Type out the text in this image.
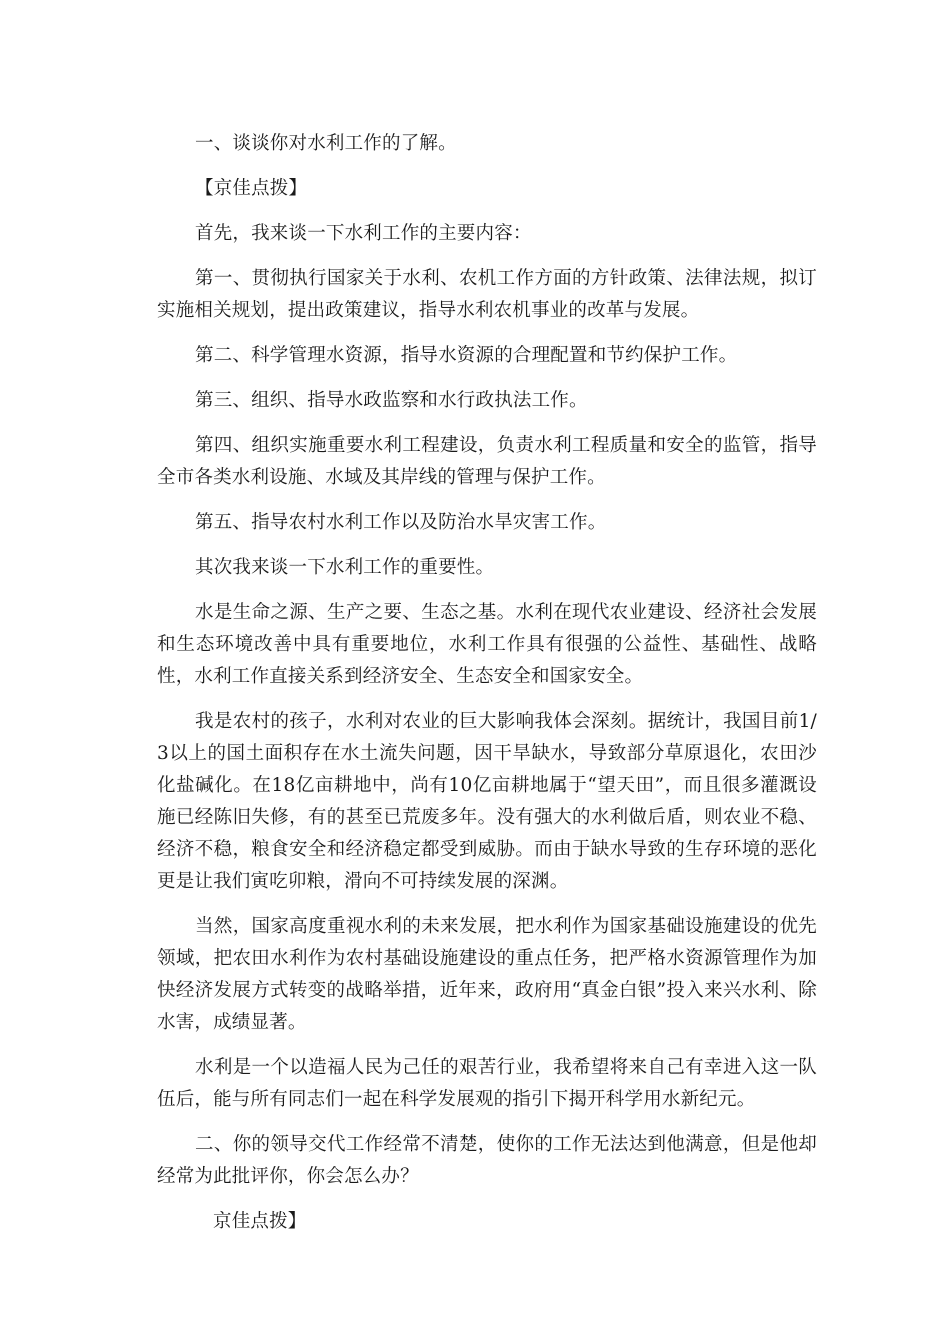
一、谈谈你对水利工作的了解。

【京佳点拨】

首先，我来谈一下水利工作的主要内容：

第一、贯彻执行国家关于水利、农机工作方面的方针政策、法律法规，拟订实施相关规划，提出政策建议，指导水利农机事业的改革与发展。

第二、科学管理水资源，指导水资源的合理配置和节约保护工作。

第三、组织、指导水政监察和水行政执法工作。

第四、组织实施重要水利工程建设，负责水利工程质量和安全的监管，指导全市各类水利设施、水域及其岸线的管理与保护工作。

第五、指导农村水利工作以及防治水旱灾害工作。

其次我来谈一下水利工作的重要性。

水是生命之源、生产之要、生态之基。水利在现代农业建设、经济社会发展和生态环境改善中具有重要地位，水利工作具有很强的公益性、基础性、战略性，水利工作直接关系到经济安全、生态安全和国家安全。

我是农村的孩子，水利对农业的巨大影响我体会深刻。据统计，我国目前1/3以上的国土面积存在水土流失问题，因干旱缺水，导致部分草原退化，农田沙化盐碱化。在18亿亩耕地中，尚有10亿亩耕地属于“望天田”，而且很多灌溉设施已经陈旧失修，有的甚至已荒废多年。没有强大的水利做后盾，则农业不稳、经济不稳，粮食安全和经济稳定都受到威胁。而由于缺水导致的生存环境的恶化更是让我们寅吃卯粮，滑向不可持续发展的深渊。

当然，国家高度重视水利的未来发展，把水利作为国家基础设施建设的优先领域，把农田水利作为农村基础设施建设的重点任务，把严格水资源管理作为加快经济发展方式转变的战略举措，近年来，政府用“真金白银”投入来兴水利、除水害，成绩显著。

水利是一个以造福人民为己任的艰苦行业，我希望将来自己有幸进入这一队伍后，能与所有同志们一起在科学发展观的指引下揭开科学用水新纪元。

二、你的领导交代工作经常不清楚，使你的工作无法达到他满意，但是他却经常为此批评你，你会怎么办？

京佳点拨】
